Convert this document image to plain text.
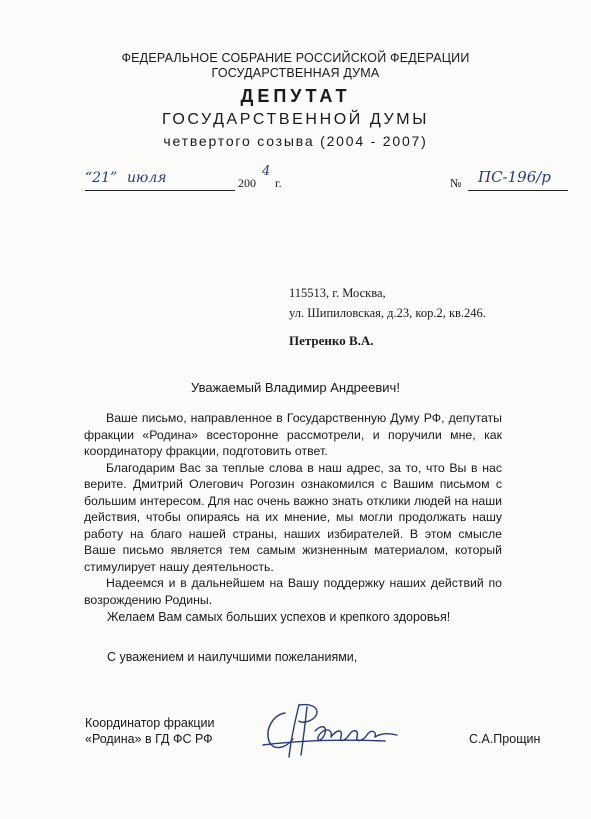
ФЕДЕРАЛЬНОЕ СОБРАНИЕ РОССИЙСКОЙ ФЕДЕРАЦИИ
ГОСУДАРСТВЕННАЯ ДУМА
ДЕПУТАТ
ГОСУДАРСТВЕННОЙ ДУМЫ
четвертого созыва (2004 - 2007)
“21” июля	200
4
г.	№ ПС-196/р
115513, г. Москва,
ул. Шипиловская, д.23, кор.2, кв.246.
Петренко В.А.
Уважаемый Владимир Андреевич!

Ваше письмо, направленное в Государственную Думу РФ, депутаты фракции «Родина» всесторонне рассмотрели, и поручили мне, как координатору фракции, подготовить ответ.

Благодарим Вас за теплые слова в наш адрес, за то, что Вы в нас верите. Дмитрий Олегович Рогозин ознакомился с Вашим письмом с большим интересом. Для нас очень важно знать отклики людей на наши действия, чтобы опираясь на их мнение, мы могли продолжать нашу работу на благо нашей страны, наших избирателей. В этом смысле Ваше письмо является тем самым жизненным материалом, который стимулирует нашу деятельность.

Надеемся и в дальнейшем на Вашу поддержку наших действий по возрождению Родины.

Желаем Вам самых больших успехов и крепкого здоровья!
С уважением и наилучшими пожеланиями,
Координатор фракции
«Родина» в ГД ФС РФ	С.А.Прощин
